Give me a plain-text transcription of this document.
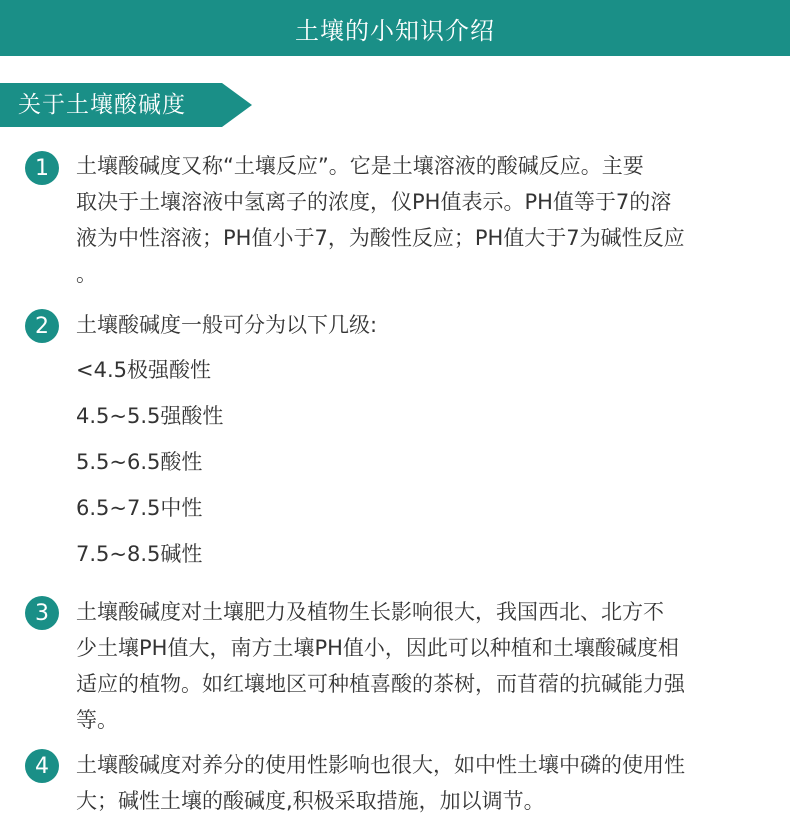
土壤的小知识介绍
关于土壤酸碱度
1	土壤酸碱度又称“土壤反应”。它是土壤溶液的酸碱反应。主要
取决于土壤溶液中氢离子的浓度，仪PH值表示。PH值等于7的溶
液为中性溶液；PH值小于7，为酸性反应；PH值大于7为碱性反应
。
2	土壤酸碱度一般可分为以下几级:
<4.5极强酸性
4.5~5.5强酸性
5.5~6.5酸性
6.5~7.5中性
7.5~8.5碱性
3	土壤酸碱度对土壤肥力及植物生长影响很大，我国西北、北方不
少土壤PH值大，南方土壤PH值小，因此可以种植和土壤酸碱度相
适应的植物。如红壤地区可种植喜酸的茶树，而苜蓿的抗碱能力强
等。
4	土壤酸碱度对养分的使用性影响也很大，如中性土壤中磷的使用性
大；碱性土壤的酸碱度,积极采取措施，加以调节。
